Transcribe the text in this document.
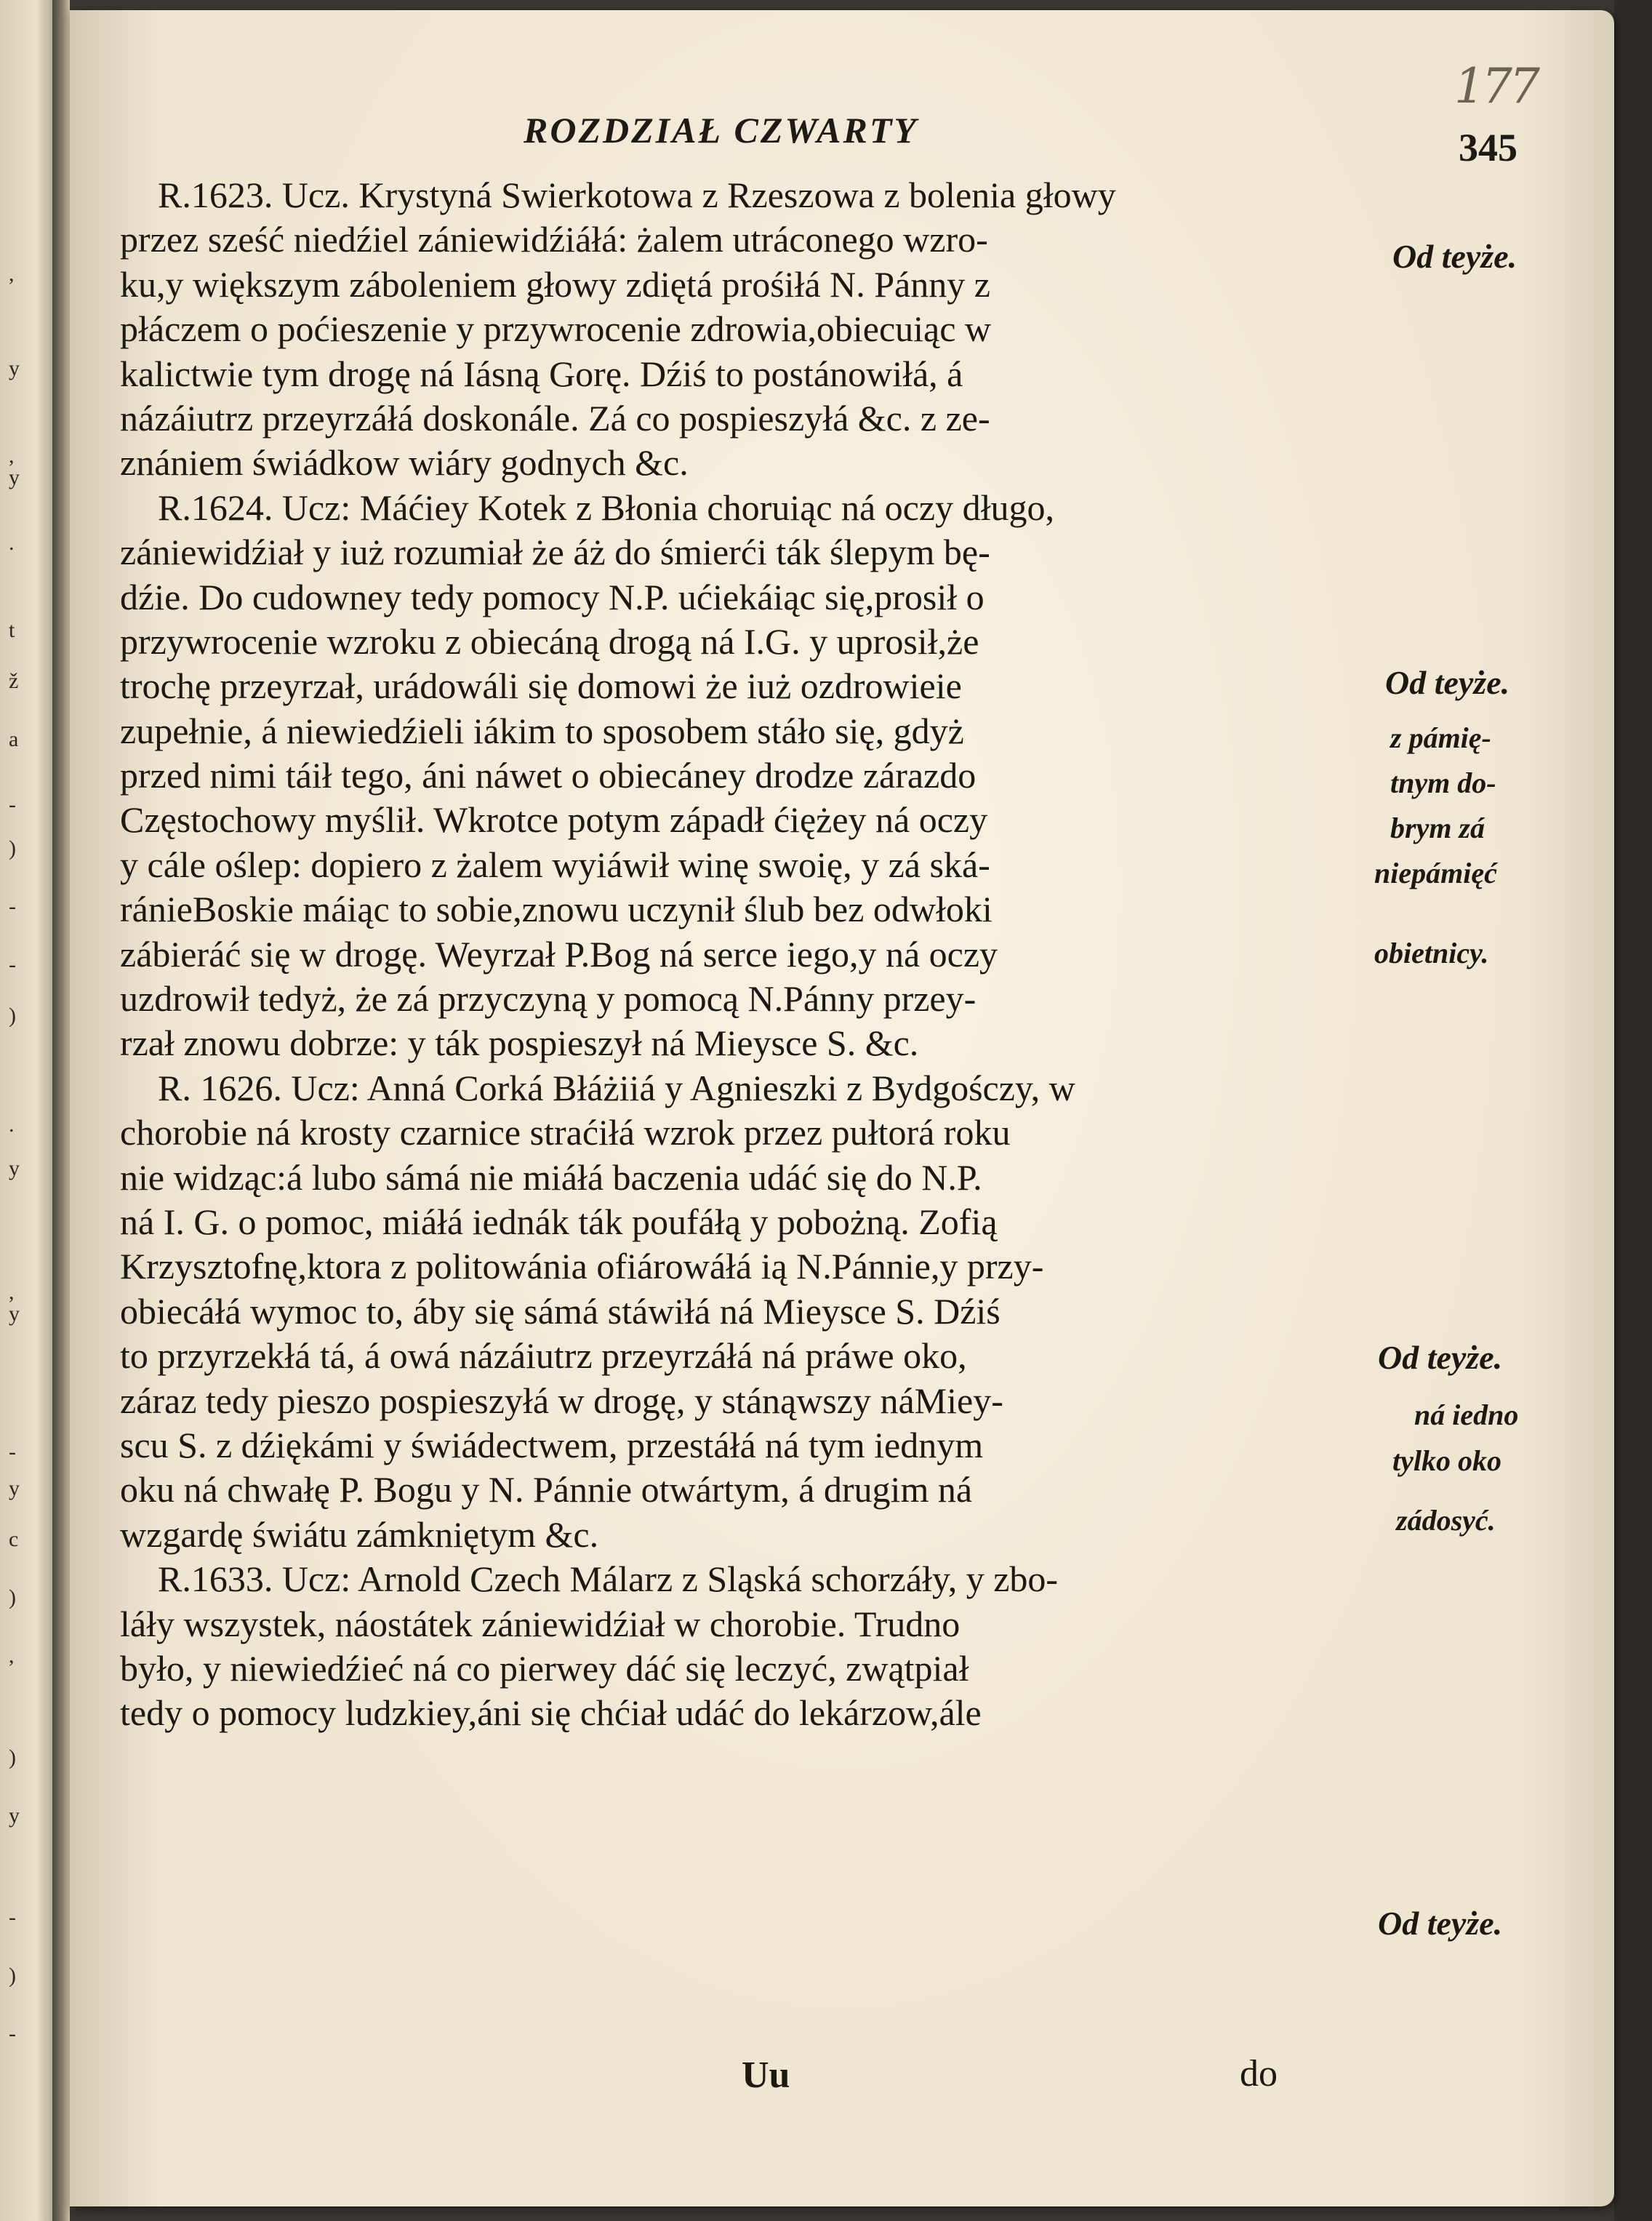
,
y
,
y
.
t
ž
a
-
)
-
-
)
.
y
,
y
-
y
c
)
,
)
y
-
)
-
177
ROZDZIAŁ CZWARTY	345
R.1623. Ucz. Krystyná Swierkotowa z Rzeszowa z bolenia głowy
przez sześć niedźiel zániewidźiáłá: żalem utráconego wzro-
ku,y większym záboleniem głowy zdiętá prośiłá N. Pánny z
płáczem o poćieszenie y przywrocenie zdrowia,obiecuiąc w
kalictwie tym drogę ná Iásną Gorę. Dźiś to postánowiłá, á
názáiutrz przeyrzáłá doskonále. Zá co pospieszyłá &c. z ze-
znániem świádkow wiáry godnych &c.
R.1624. Ucz: Máćiey Kotek z Błonia choruiąc ná oczy długo,
zániewidźiał y iuż rozumiał że áż do śmierći ták ślepym bę-
dźie. Do cudowney tedy pomocy N.P. ućiekáiąc się,prosił o
przywrocenie wzroku z obiecáną drogą ná I.G. y uprosił,że
trochę przeyrzał, urádowáli się domowi że iuż ozdrowieie
zupełnie, á niewiedźieli iákim to sposobem stáło się, gdyż
przed nimi táił tego, áni náwet o obiecáney drodze zárazdo
Częstochowy myślił. Wkrotce potym západł ćiężey ná oczy
y cále oślep: dopiero z żalem wyiáwił winę swoię, y zá ská-
ránieBoskie máiąc to sobie,znowu uczynił ślub bez odwłoki
zábieráć się w drogę. Weyrzał P.Bog ná serce iego,y ná oczy
uzdrowił tedyż, że zá przyczyną y pomocą N.Pánny przey-
rzał znowu dobrze: y ták pospieszył ná Mieysce S. &c.
R. 1626. Ucz: Anná Corká Błáżiiá y Agnieszki z Bydgośczy, w
chorobie ná krosty czarnice straćiłá wzrok przez pułtorá roku
nie widząc:á lubo sámá nie miáłá baczenia udáć się do N.P.
ná I. G. o pomoc, miáłá iednák ták poufáłą y pobożną. Zofią
Krzysztofnę,ktora z politowánia ofiárowáłá ią N.Pánnie,y przy-
obiecáłá wymoc to, áby się sámá stáwiłá ná Mieysce S. Dźiś
to przyrzekłá tá, á owá názáiutrz przeyrzáłá ná práwe oko,
záraz tedy pieszo pospieszyłá w drogę, y stánąwszy náMiey-
scu S. z dźiękámi y świádectwem, przestáłá ná tym iednym
oku ná chwałę P. Bogu y N. Pánnie otwártym, á drugim ná
wzgardę świátu zámkniętym &c.
R.1633. Ucz: Arnold Czech Málarz z Sląská schorzáły, y zbo-
láły wszystek, náostátek zániewidźiał w chorobie. Trudno
było, y niewiedźieć ná co pierwey dáć się leczyć, zwątpiał
tedy o pomocy ludzkiey,áni się chćiał udáć do lekárzow,ále
Od teyże.
Od teyże.
z pámię-
tnym do-
brym zá
niepámięć
obietnicy.
Od teyże.
ná iedno
tylko oko
zádosyć.
Od teyże.
Uu	do
